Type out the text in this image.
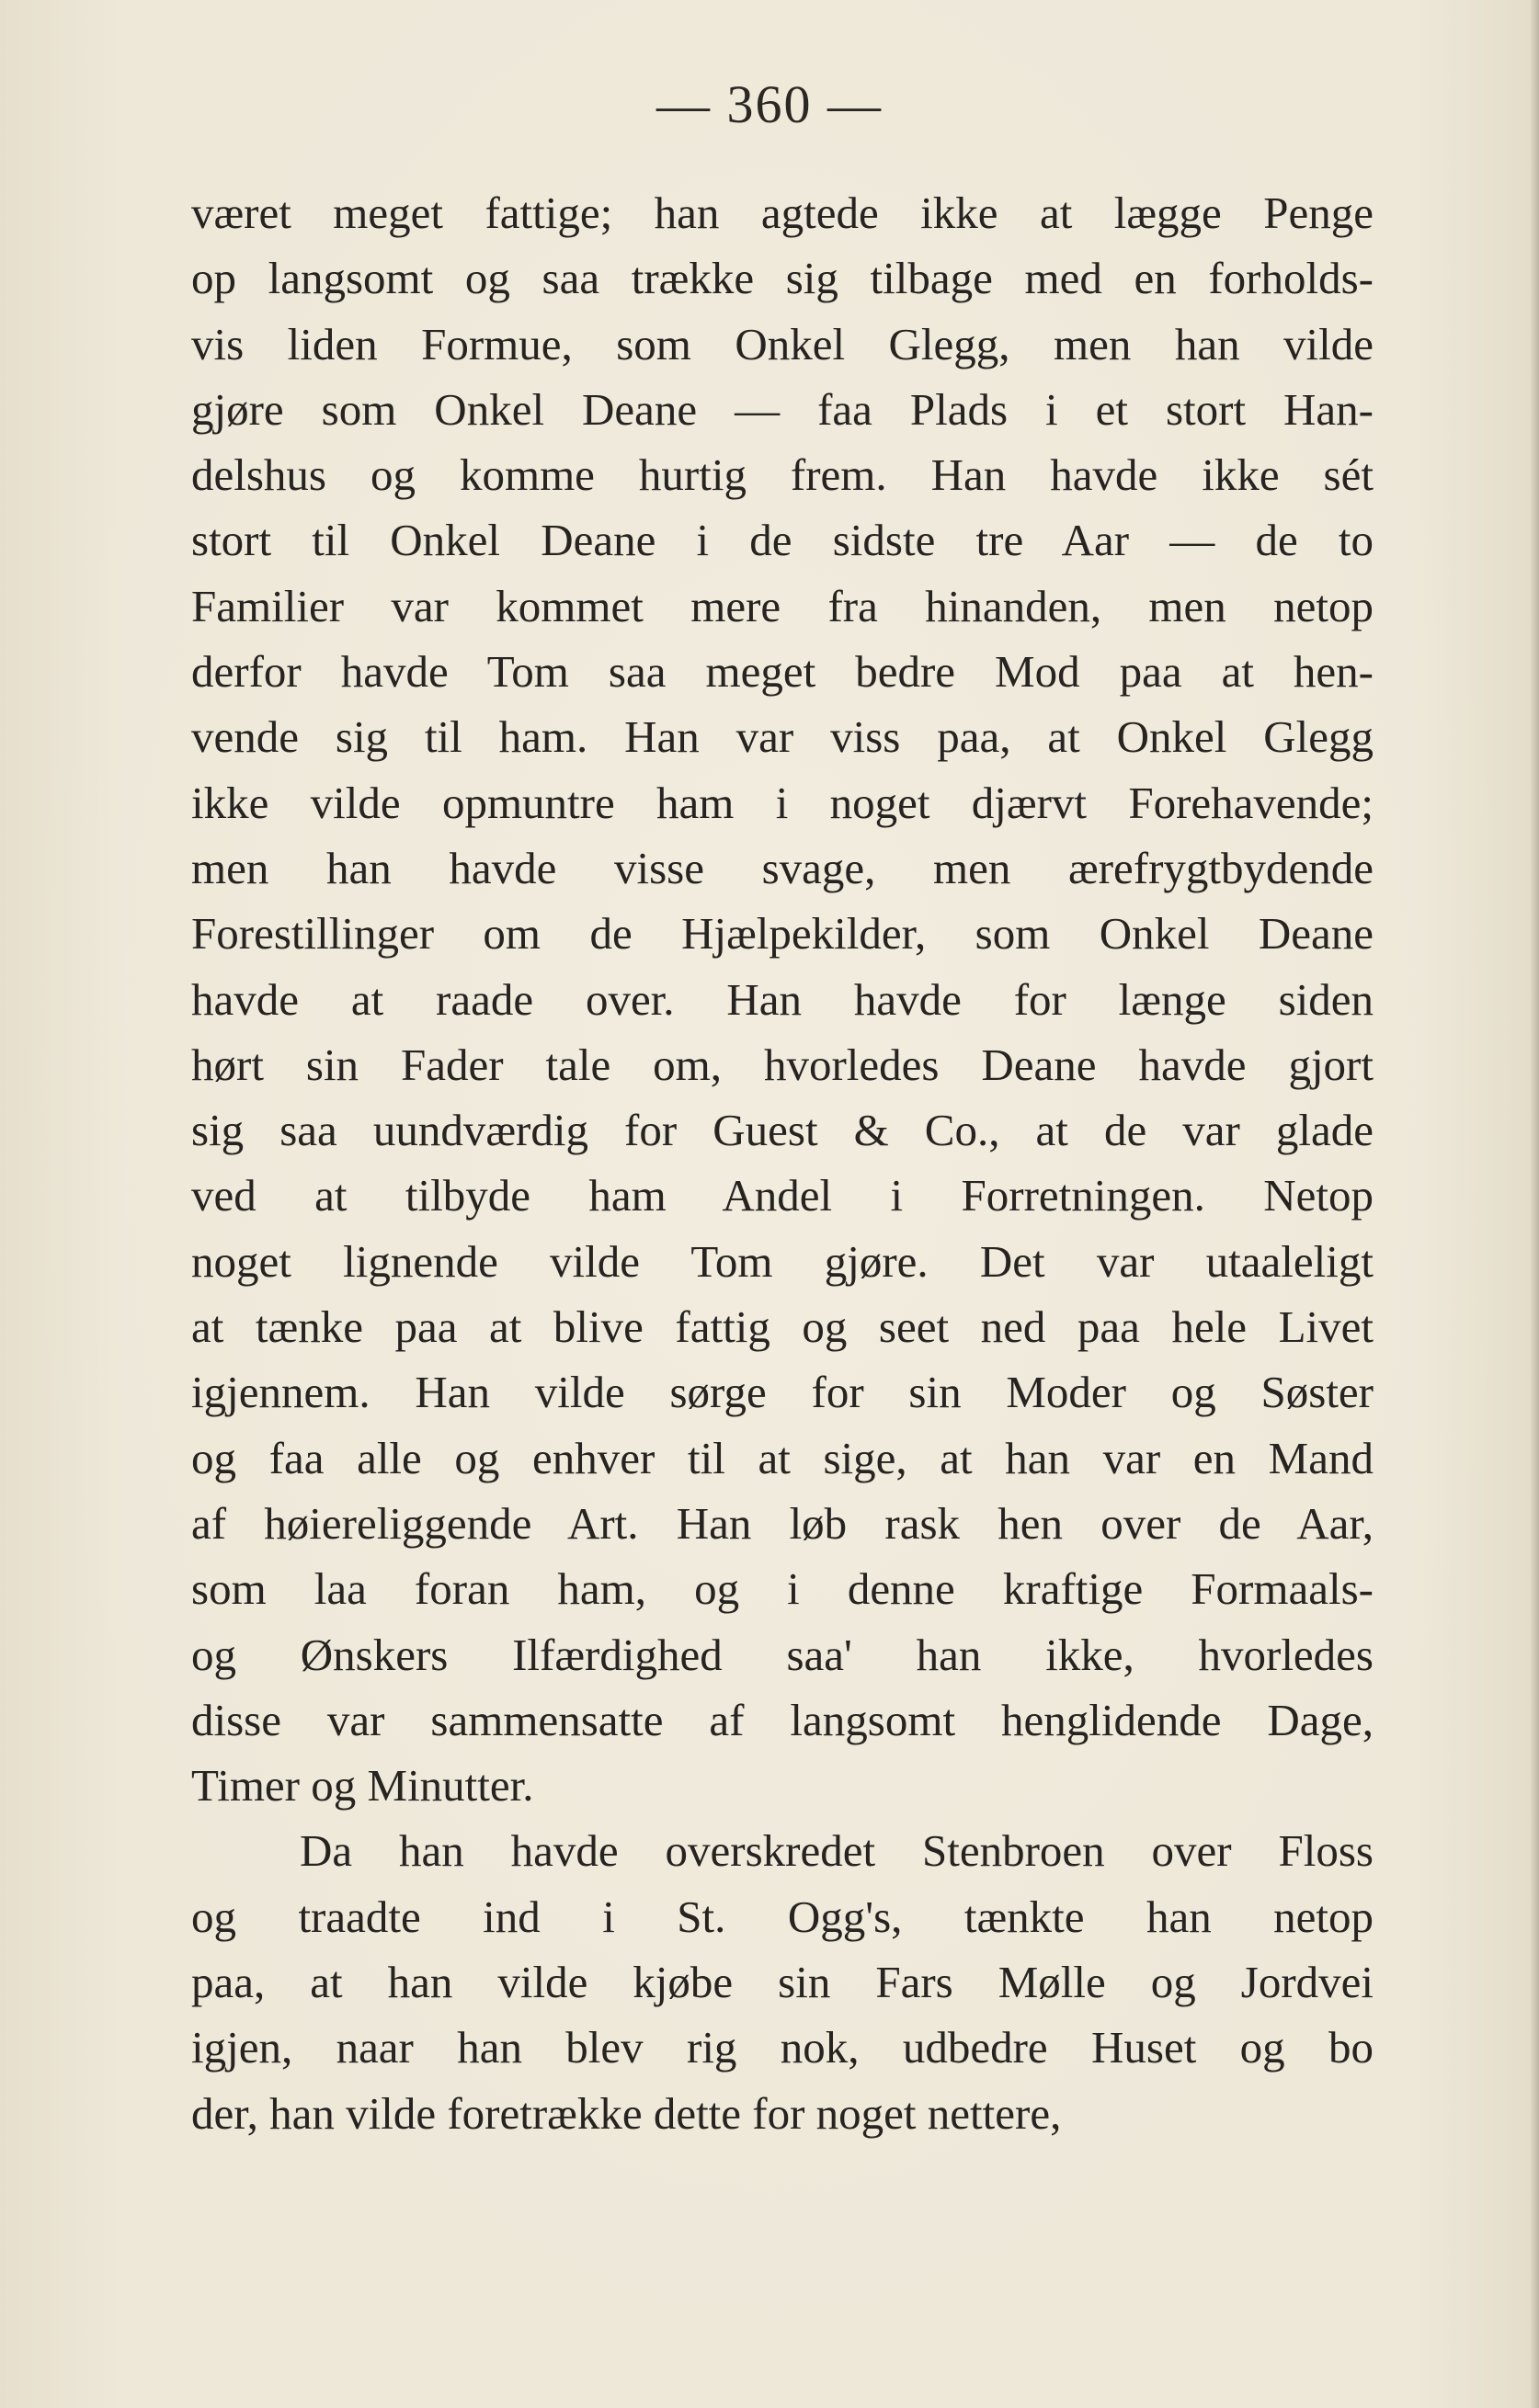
— 360 —
været meget fattige; han agtede ikke at lægge Penge
op langsomt og saa trække sig tilbage med en forholds-
vis liden Formue, som Onkel Glegg, men han vilde
gjøre som Onkel Deane — faa Plads i et stort Han-
delshus og komme hurtig frem. Han havde ikke sét
stort til Onkel Deane i de sidste tre Aar — de to
Familier var kommet mere fra hinanden, men netop
derfor havde Tom saa meget bedre Mod paa at hen-
vende sig til ham. Han var viss paa, at Onkel Glegg
ikke vilde opmuntre ham i noget djærvt Forehavende;
men han havde visse svage, men ærefrygtbydende
Forestillinger om de Hjælpekilder, som Onkel Deane
havde at raade over. Han havde for længe siden
hørt sin Fader tale om, hvorledes Deane havde gjort
sig saa uundværdig for Guest & Co., at de var glade
ved at tilbyde ham Andel i Forretningen. Netop
noget lignende vilde Tom gjøre. Det var utaaleligt
at tænke paa at blive fattig og seet ned paa hele Livet
igjennem. Han vilde sørge for sin Moder og Søster
og faa alle og enhver til at sige, at han var en Mand
af høiereliggende Art. Han løb rask hen over de Aar,
som laa foran ham, og i denne kraftige Formaals-
og Ønskers Ilfærdighed saa' han ikke, hvorledes
disse var sammensatte af langsomt henglidende Dage,
Timer og Minutter.
Da han havde overskredet Stenbroen over Floss
og traadte ind i St. Ogg's, tænkte han netop
paa, at han vilde kjøbe sin Fars Mølle og Jordvei
igjen, naar han blev rig nok, udbedre Huset og bo
der, han vilde foretrække dette for noget nettere,
